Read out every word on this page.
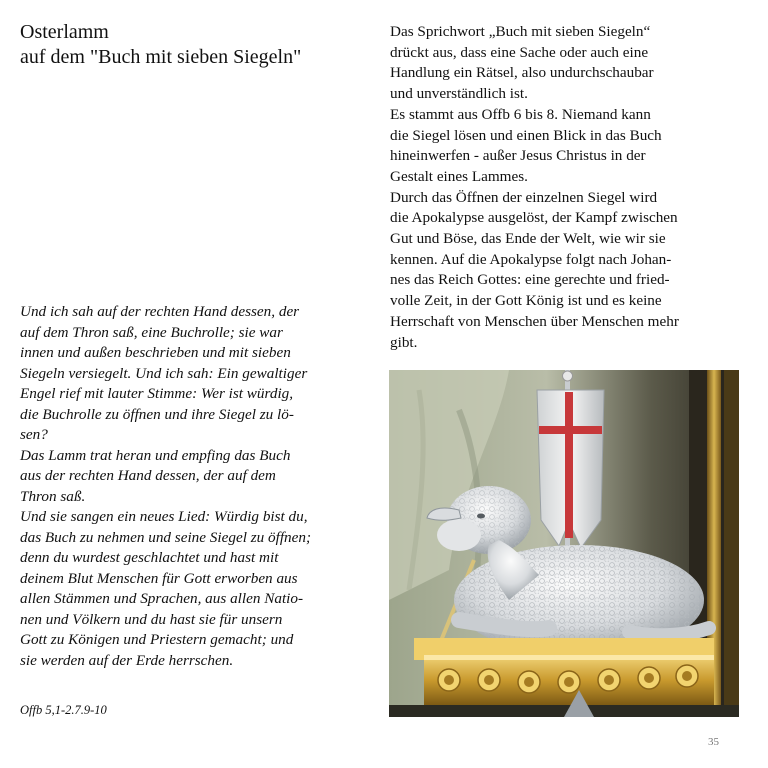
Osterlamm
auf dem "Buch mit sieben Siegeln"
Und ich sah auf der rechten Hand dessen, der
auf dem Thron saß, eine Buchrolle; sie war
innen und außen beschrieben und mit sieben
Siegeln versiegelt. Und ich sah: Ein gewaltiger
Engel rief mit lauter Stimme: Wer ist würdig,
die Buchrolle zu öffnen und ihre Siegel zu lö-
sen?
Das Lamm trat heran und empfing das Buch
aus der rechten Hand dessen, der auf dem
Thron saß.
Und sie sangen ein neues Lied: Würdig bist du,
das Buch zu nehmen und seine Siegel zu öffnen;
denn du wurdest geschlachtet und hast mit
deinem Blut Menschen für Gott erworben aus
allen Stämmen und Sprachen, aus allen Natio-
nen und Völkern und du hast sie für unsern
Gott zu Königen und Priestern gemacht; und
sie werden auf der Erde herrschen.
Offb 5,1-2.7.9-10
Das Sprichwort „Buch mit sieben Siegeln“
drückt aus, dass eine Sache oder auch eine
Handlung ein Rätsel, also undurchschaubar
und unverständlich ist.
Es stammt aus Offb 6 bis 8. Niemand kann
die Siegel lösen und einen Blick in das Buch
hineinwerfen - außer Jesus Christus in der
Gestalt eines Lammes.
Durch das Öffnen der einzelnen Siegel wird
die Apokalypse ausgelöst, der Kampf zwischen
Gut und Böse, das Ende der Welt, wie wir sie
kennen. Auf die Apokalypse folgt nach Johan-
nes das Reich Gottes: eine gerechte und fried-
volle Zeit, in der Gott König ist und es keine
Herrschaft von Menschen über Menschen mehr
gibt.
35
